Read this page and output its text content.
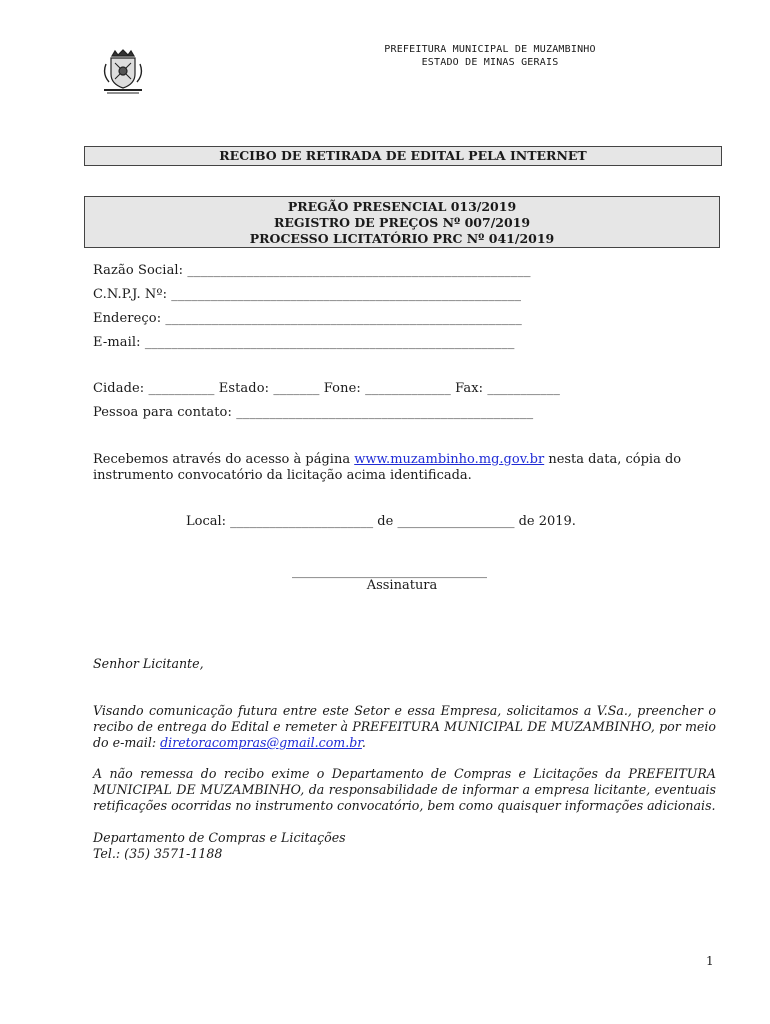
PREFEITURA MUNICIPAL DE MUZAMBINHO
ESTADO DE MINAS GERAIS
RECIBO DE RETIRADA DE EDITAL PELA INTERNET
PREGÃO PRESENCIAL 013/2019
REGISTRO DE PREÇOS Nº 007/2019
PROCESSO LICITATÓRIO PRC Nº 041/2019
Razão Social: ____________________________________________________
C.N.P.J. Nº: _____________________________________________________
Endereço: ______________________________________________________
E-mail: ________________________________________________________
Cidade: __________ Estado: _______ Fone: _____________ Fax: ___________
Pessoa para contato: _____________________________________________
Recebemos através do acesso à página www.muzambinho.mg.gov.br nesta data, cópia do instrumento convocatório da licitação acima identificada.
Local: ______________________ de __________________ de 2019.
______________________________
Assinatura
Senhor Licitante,
Visando comunicação futura entre este Setor e essa Empresa, solicitamos a V.Sa., preencher o recibo de entrega do Edital e remeter à PREFEITURA MUNICIPAL DE MUZAMBINHO, por meio do e-mail: diretoracompras@gmail.com.br.
A não remessa do recibo exime o Departamento de Compras e Licitações da PREFEITURA MUNICIPAL DE MUZAMBINHO, da responsabilidade de informar a empresa licitante, eventuais retificações ocorridas no instrumento convocatório, bem como quaisquer informações adicionais.
Departamento de Compras e Licitações
Tel.: (35) 3571-1188
1
